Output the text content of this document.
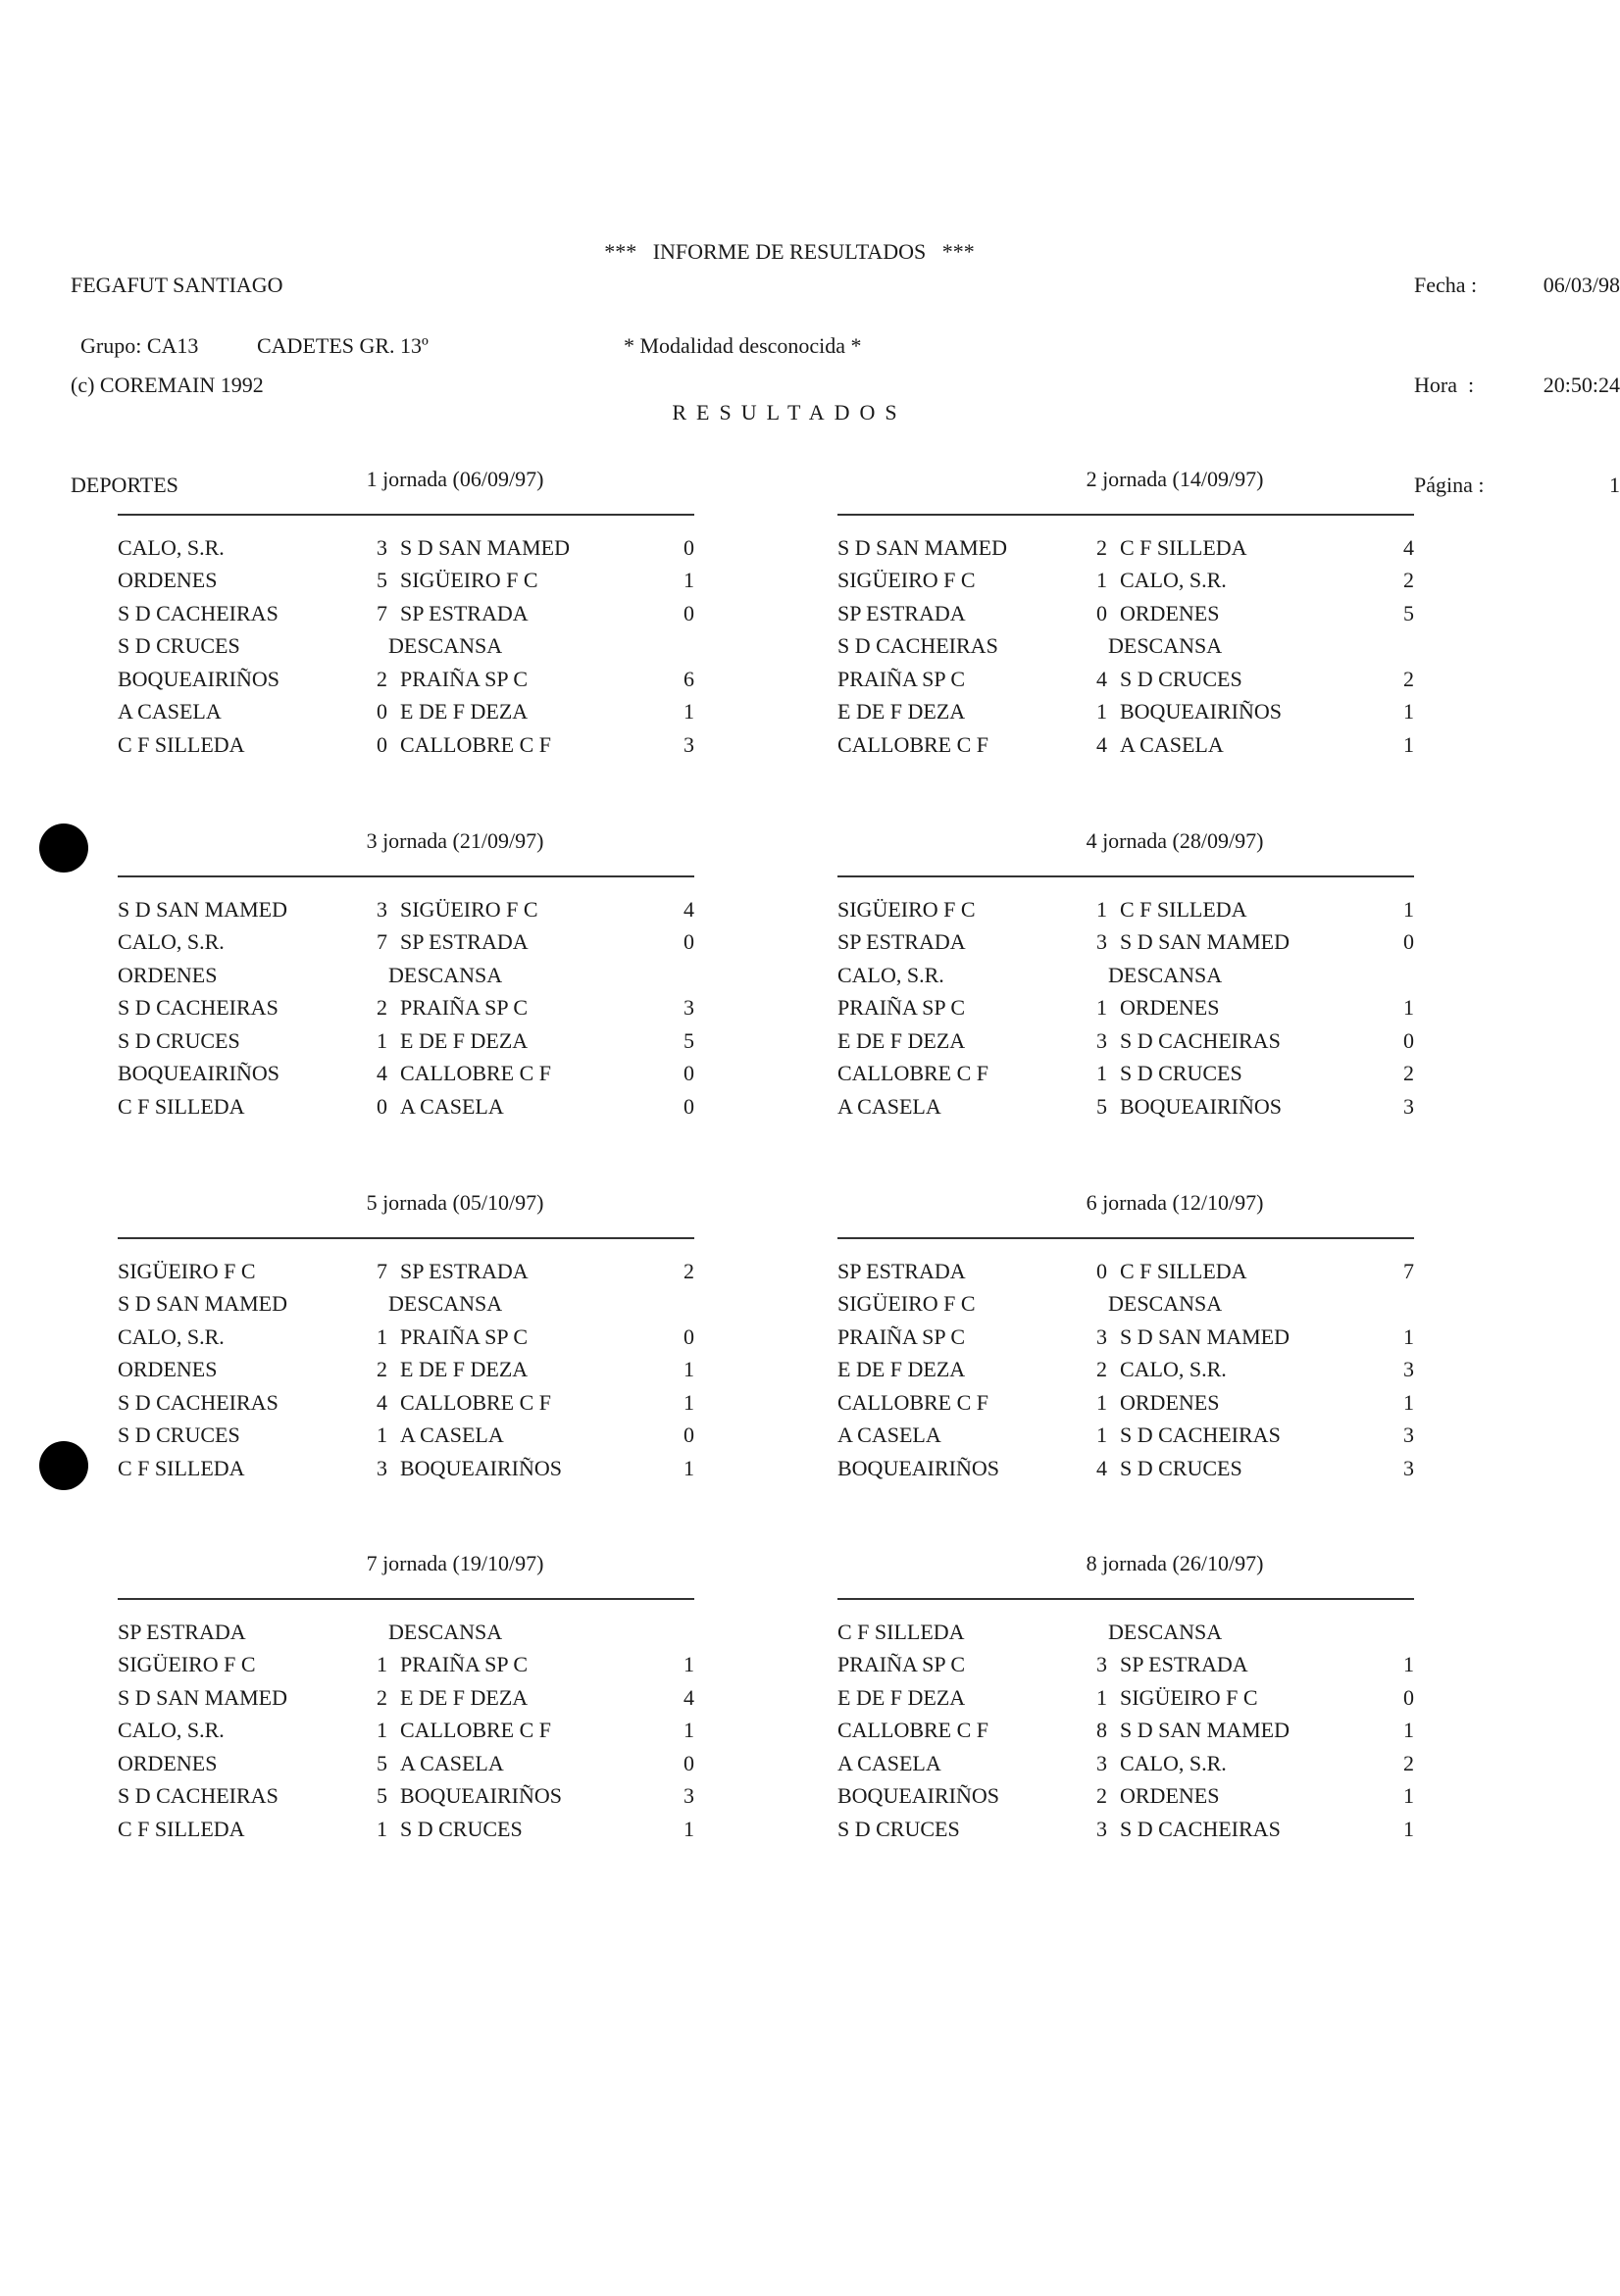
FEGAFUT SANTIAGO

(c) COREMAIN 1992

DEPORTES

***   INFORME DE RESULTADOS   ***

Fecha :	06/03/98

Hora  :	20:50:24

Página :	1

Grupo: CA13	CADETES GR. 13º	* Modalidad desconocida *
RESULTADOS
1 jornada (06/09/97)
CALO, S.R.	3 S D SAN MAMED	0
ORDENES	5 SIGÜEIRO F C	1
S D CACHEIRAS	7 SP ESTRADA	0
S D CRUCES	DESCANSA
BOQUEAIRIÑOS	2 PRAIÑA SP C	6
A CASELA	0 E DE F DEZA	1
C F SILLEDA	0 CALLOBRE C F	3
2 jornada (14/09/97)
S D SAN MAMED	2 C F SILLEDA	4
SIGÜEIRO F C	1 CALO, S.R.	2
SP ESTRADA	0 ORDENES	5
S D CACHEIRAS	DESCANSA
PRAIÑA SP C	4 S D CRUCES	2
E DE F DEZA	1 BOQUEAIRIÑOS	1
CALLOBRE C F	4 A CASELA	1
3 jornada (21/09/97)
S D SAN MAMED	3 SIGÜEIRO F C	4
CALO, S.R.	7 SP ESTRADA	0
ORDENES	DESCANSA
S D CACHEIRAS	2 PRAIÑA SP C	3
S D CRUCES	1 E DE F DEZA	5
BOQUEAIRIÑOS	4 CALLOBRE C F	0
C F SILLEDA	0 A CASELA	0
4 jornada (28/09/97)
SIGÜEIRO F C	1 C F SILLEDA	1
SP ESTRADA	3 S D SAN MAMED	0
CALO, S.R.	DESCANSA
PRAIÑA SP C	1 ORDENES	1
E DE F DEZA	3 S D CACHEIRAS	0
CALLOBRE C F	1 S D CRUCES	2
A CASELA	5 BOQUEAIRIÑOS	3
5 jornada (05/10/97)
SIGÜEIRO F C	7 SP ESTRADA	2
S D SAN MAMED	DESCANSA
CALO, S.R.	1 PRAIÑA SP C	0
ORDENES	2 E DE F DEZA	1
S D CACHEIRAS	4 CALLOBRE C F	1
S D CRUCES	1 A CASELA	0
C F SILLEDA	3 BOQUEAIRIÑOS	1
6 jornada (12/10/97)
SP ESTRADA	0 C F SILLEDA	7
SIGÜEIRO F C	DESCANSA
PRAIÑA SP C	3 S D SAN MAMED	1
E DE F DEZA	2 CALO, S.R.	3
CALLOBRE C F	1 ORDENES	1
A CASELA	1 S D CACHEIRAS	3
BOQUEAIRIÑOS	4 S D CRUCES	3
7 jornada (19/10/97)
SP ESTRADA	DESCANSA
SIGÜEIRO F C	1 PRAIÑA SP C	1
S D SAN MAMED	2 E DE F DEZA	4
CALO, S.R.	1 CALLOBRE C F	1
ORDENES	5 A CASELA	0
S D CACHEIRAS	5 BOQUEAIRIÑOS	3
C F SILLEDA	1 S D CRUCES	1
8 jornada (26/10/97)
C F SILLEDA	DESCANSA
PRAIÑA SP C	3 SP ESTRADA	1
E DE F DEZA	1 SIGÜEIRO F C	0
CALLOBRE C F	8 S D SAN MAMED	1
A CASELA	3 CALO, S.R.	2
BOQUEAIRIÑOS	2 ORDENES	1
S D CRUCES	3 S D CACHEIRAS	1
